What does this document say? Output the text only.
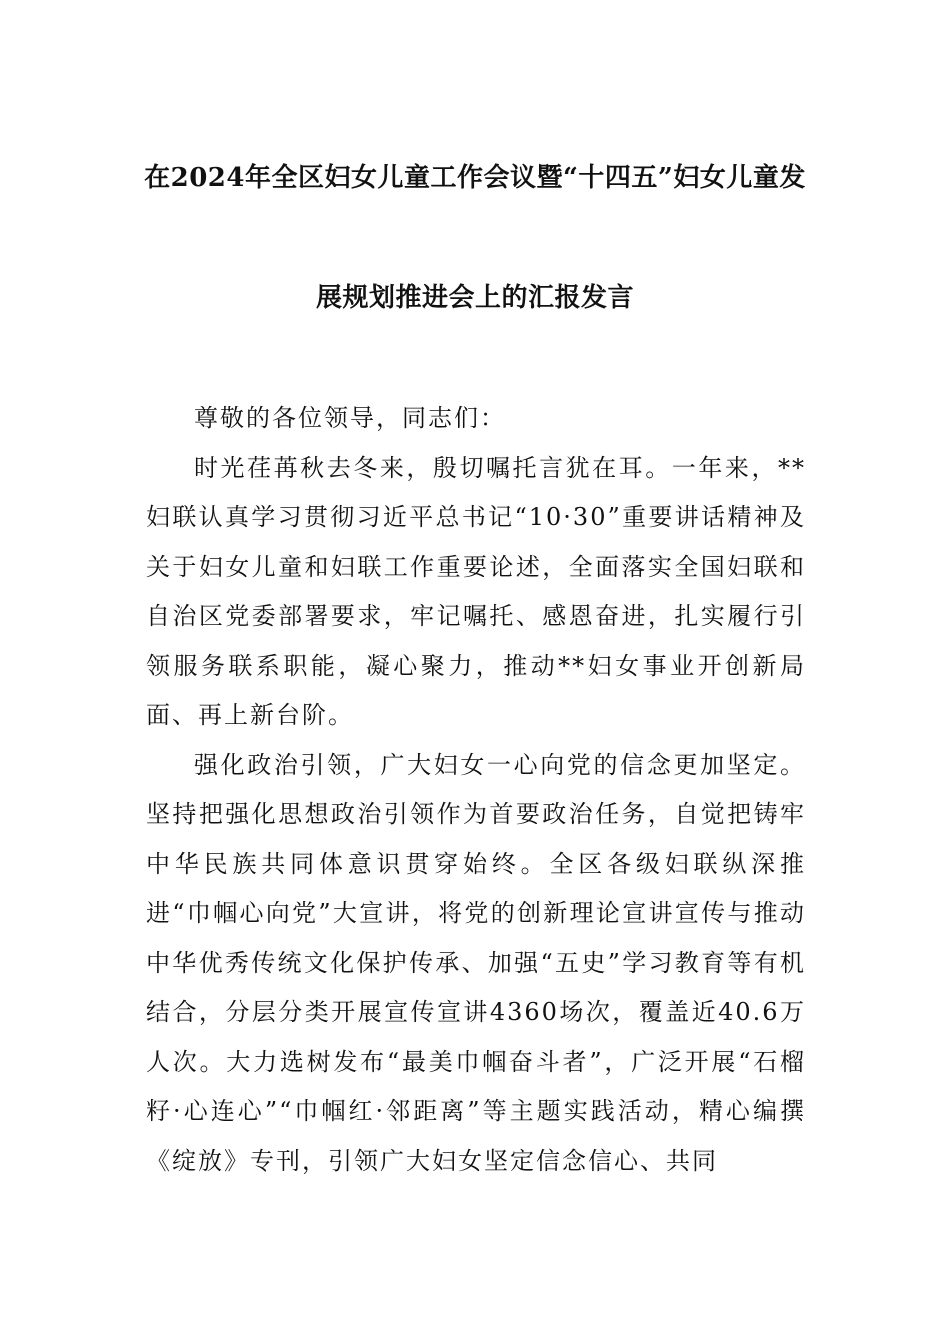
在2024年全区妇女儿童工作会议暨“十四五”妇女儿童发
展规划推进会上的汇报发言

尊敬的各位领导，同志们：

时光荏苒秋去冬来，殷切嘱托言犹在耳。一年来，**妇联认真学习贯彻习近平总书记“10·30”重要讲话精神及关于妇女儿童和妇联工作重要论述，全面落实全国妇联和自治区党委部署要求，牢记嘱托、感恩奋进，扎实履行引领服务联系职能，凝心聚力，推动**妇女事业开创新局面、再上新台阶。

强化政治引领，广大妇女一心向党的信念更加坚定。坚持把强化思想政治引领作为首要政治任务，自觉把铸牢中华民族共同体意识贯穿始终。全区各级妇联纵深推进“巾帼心向党”大宣讲，将党的创新理论宣讲宣传与推动中华优秀传统文化保护传承、加强“五史”学习教育等有机结合，分层分类开展宣传宣讲4360场次，覆盖近40.6万人次。大力选树发布“最美巾帼奋斗者”，广泛开展“石榴籽·心连心”“巾帼红·邻距离”等主题实践活动，精心编撰《绽放》专刊，引领广大妇女坚定信念信心、共同
